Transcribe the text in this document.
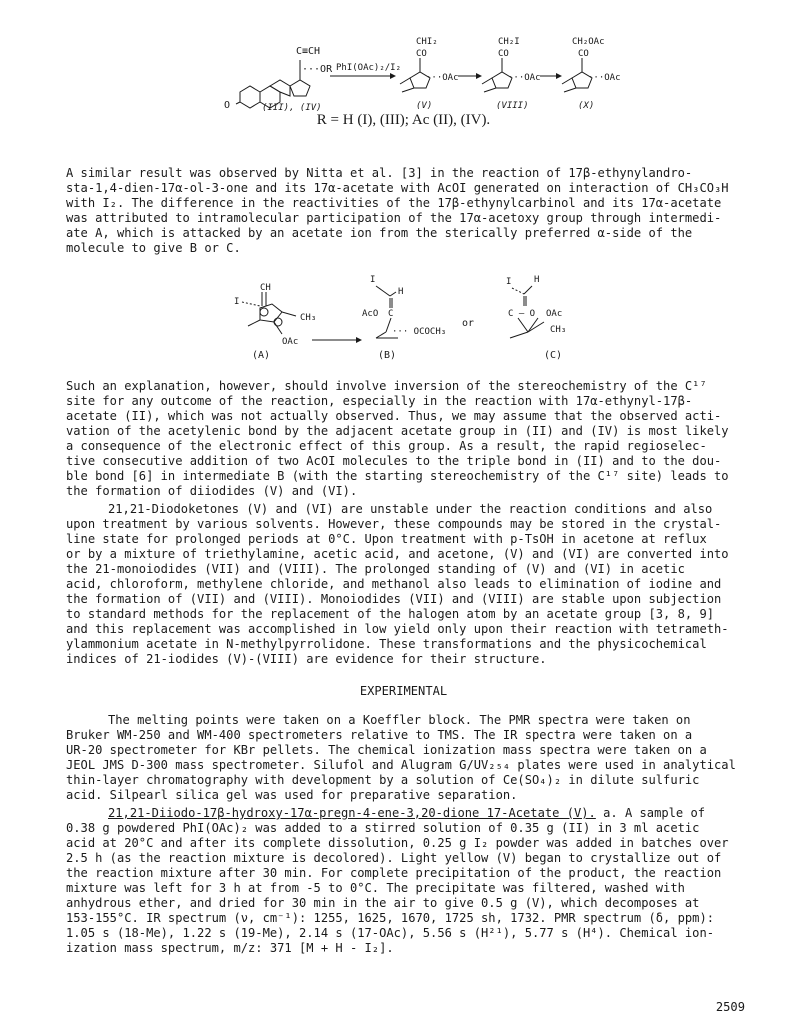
O
C≡CH
···OR
(III), (IV)
PhI(OAc)₂/I₂
CHI₂
CO
···OAc
(V)
CH₂I
CO
···OAc
(VIII)
CH₂OAc
CO
···OAc
(X)
R = H (I), (III); Ac (II), (IV).
A similar result was observed by Nitta et al. [3] in the reaction of 17β-ethynylandro-
sta-1,4-dien-17α-ol-3-one and its 17α-acetate with AcOI generated on interaction of CH₃CO₃H
with I₂. The difference in the reactivities of the 17β-ethynylcarbinol and its 17α-acetate
was attributed to intramolecular participation of the 17α-acetoxy group through intermedi-
ate A, which is attacked by an acetate ion from the sterically preferred α-side of the
molecule to give B or C.
CH
I
CH₃
OAc
(A)
I
H
AcO C
··· OCOCH₃
(B)
or
I	H
C — O OAc
CH₃
(C)
Such an explanation, however, should involve inversion of the stereochemistry of the C¹⁷
site for any outcome of the reaction, especially in the reaction with 17α-ethynyl-17β-
acetate (II), which was not actually observed. Thus, we may assume that the observed acti-
vation of the acetylenic bond by the adjacent acetate group in (II) and (IV) is most likely
a consequence of the electronic effect of this group. As a result, the rapid regioselec-
tive consecutive addition of two AcOI molecules to the triple bond in (II) and to the dou-
ble bond [6] in intermediate B (with the starting stereochemistry of the C¹⁷ site) leads to
the formation of diiodides (V) and (VI).
21,21-Diodoketones (V) and (VI) are unstable under the reaction conditions and also
upon treatment by various solvents. However, these compounds may be stored in the crystal-
line state for prolonged periods at 0°C. Upon treatment with p-TsOH in acetone at reflux
or by a mixture of triethylamine, acetic acid, and acetone, (V) and (VI) are converted into
the 21-monoiodides (VII) and (VIII). The prolonged standing of (V) and (VI) in acetic
acid, chloroform, methylene chloride, and methanol also leads to elimination of iodine and
the formation of (VII) and (VIII). Monoiodides (VII) and (VIII) are stable upon subjection
to standard methods for the replacement of the halogen atom by an acetate group [3, 8, 9]
and this replacement was accomplished in low yield only upon their reaction with tetrameth-
ylammonium acetate in N-methylpyrrolidone. These transformations and the physicochemical
indices of 21-iodides (V)-(VIII) are evidence for their structure.
EXPERIMENTAL
The melting points were taken on a Koeffler block. The PMR spectra were taken on
Bruker WM-250 and WM-400 spectrometers relative to TMS. The IR spectra were taken on a
UR-20 spectrometer for KBr pellets. The chemical ionization mass spectra were taken on a
JEOL JMS D-300 mass spectrometer. Silufol and Alugram G/UV₂₅₄ plates were used in analytical
thin-layer chromatography with development by a solution of Ce(SO₄)₂ in dilute sulfuric
acid. Silpearl silica gel was used for preparative separation.
21,21-Diiodo-17β-hydroxy-17α-pregn-4-ene-3,20-dione 17-Acetate (V). a. A sample of
0.38 g powdered PhI(OAc)₂ was added to a stirred solution of 0.35 g (II) in 3 ml acetic
acid at 20°C and after its complete dissolution, 0.25 g I₂ powder was added in batches over
2.5 h (as the reaction mixture is decolored). Light yellow (V) began to crystallize out of
the reaction mixture after 30 min. For complete precipitation of the product, the reaction
mixture was left for 3 h at from -5 to 0°C. The precipitate was filtered, washed with
anhydrous ether, and dried for 30 min in the air to give 0.5 g (V), which decomposes at
153-155°C. IR spectrum (ν, cm⁻¹): 1255, 1625, 1670, 1725 sh, 1732. PMR spectrum (δ, ppm):
1.05 s (18-Me), 1.22 s (19-Me), 2.14 s (17-OAc), 5.56 s (H²¹), 5.77 s (H⁴). Chemical ion-
ization mass spectrum, m/z: 371 [M + H - I₂].
2509
